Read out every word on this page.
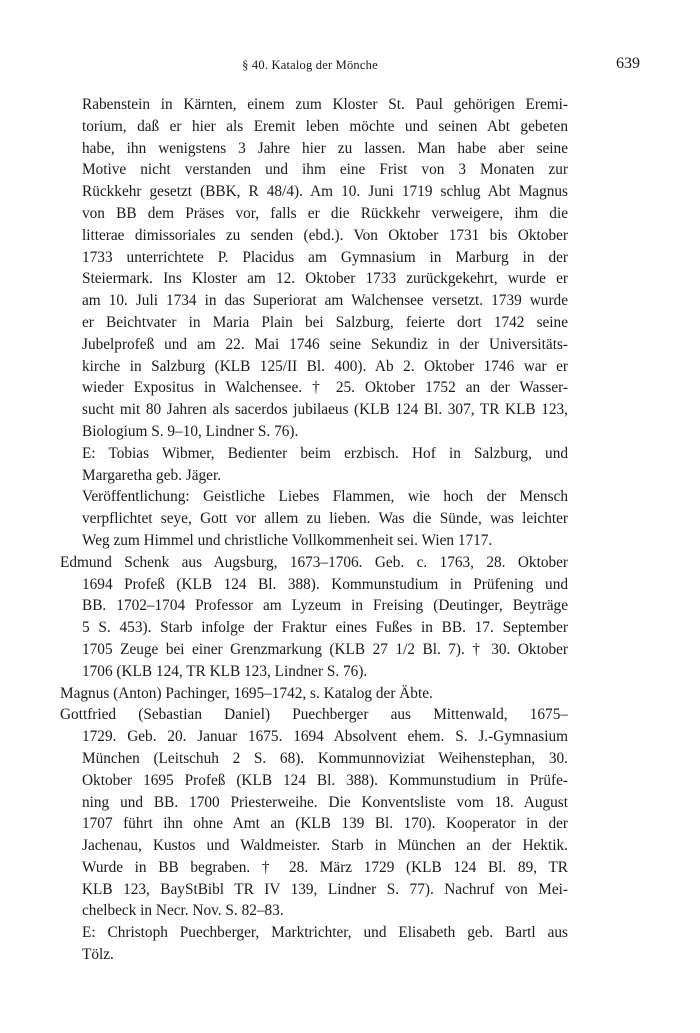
§ 40. Katalog der Mönche	639
Rabenstein in Kärnten, einem zum Kloster St. Paul gehörigen Eremi-
torium, daß er hier als Eremit leben möchte und seinen Abt gebeten
habe, ihn wenigstens 3 Jahre hier zu lassen. Man habe aber seine
Motive nicht verstanden und ihm eine Frist von 3 Monaten zur
Rückkehr gesetzt (BBK, R 48/4). Am 10. Juni 1719 schlug Abt Magnus
von BB dem Präses vor, falls er die Rückkehr verweigere, ihm die
litterae dimissoriales zu senden (ebd.). Von Oktober 1731 bis Oktober
1733 unterrichtete P. Placidus am Gymnasium in Marburg in der
Steiermark. Ins Kloster am 12. Oktober 1733 zurückgekehrt, wurde er
am 10. Juli 1734 in das Superiorat am Walchensee versetzt. 1739 wurde
er Beichtvater in Maria Plain bei Salzburg, feierte dort 1742 seine
Jubelprofeß und am 22. Mai 1746 seine Sekundiz in der Universitäts-
kirche in Salzburg (KLB 125/II Bl. 400). Ab 2. Oktober 1746 war er
wieder Expositus in Walchensee. † 25. Oktober 1752 an der Wasser-
sucht mit 80 Jahren als sacerdos jubilaeus (KLB 124 Bl. 307, TR KLB 123,
Biologium S. 9–10, Lindner S. 76).
E: Tobias Wibmer, Bedienter beim erzbisch. Hof in Salzburg, und
Margaretha geb. Jäger.
Veröffentlichung: Geistliche Liebes Flammen, wie hoch der Mensch
verpflichtet seye, Gott vor allem zu lieben. Was die Sünde, was leichter
Weg zum Himmel und christliche Vollkommenheit sei. Wien 1717.
Edmund Schenk aus Augsburg, 1673–1706. Geb. c. 1763, 28. Oktober
1694 Profeß (KLB 124 Bl. 388). Kommunstudium in Prüfening und
BB. 1702–1704 Professor am Lyzeum in Freising (Deutinger, Beyträge
5 S. 453). Starb infolge der Fraktur eines Fußes in BB. 17. September
1705 Zeuge bei einer Grenzmarkung (KLB 27 1/2 Bl. 7). † 30. Oktober
1706 (KLB 124, TR KLB 123, Lindner S. 76).
Magnus (Anton) Pachinger, 1695–1742, s. Katalog der Äbte.
Gottfried (Sebastian Daniel) Puechberger aus Mittenwald, 1675–
1729. Geb. 20. Januar 1675. 1694 Absolvent ehem. S. J.-Gymnasium
München (Leitschuh 2 S. 68). Kommunnoviziat Weihenstephan, 30.
Oktober 1695 Profeß (KLB 124 Bl. 388). Kommunstudium in Prüfe-
ning und BB. 1700 Priesterweihe. Die Konventsliste vom 18. August
1707 führt ihn ohne Amt an (KLB 139 Bl. 170). Kooperator in der
Jachenau, Kustos und Waldmeister. Starb in München an der Hektik.
Wurde in BB begraben. † 28. März 1729 (KLB 124 Bl. 89, TR
KLB 123, BayStBibl TR IV 139, Lindner S. 77). Nachruf von Mei-
chelbeck in Necr. Nov. S. 82–83.
E: Christoph Puechberger, Marktrichter, und Elisabeth geb. Bartl aus
Tölz.
